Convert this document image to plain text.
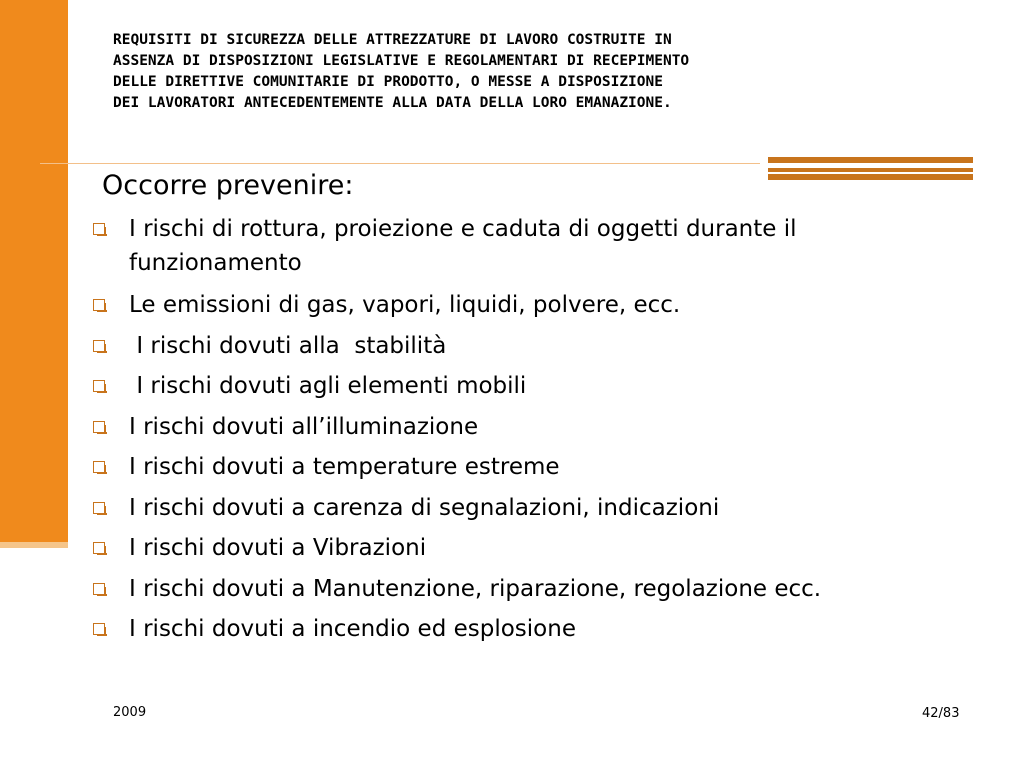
REQUISITI DI SICUREZZA DELLE ATTREZZATURE DI LAVORO COSTRUITE IN
ASSENZA DI DISPOSIZIONI LEGISLATIVE E REGOLAMENTARI DI RECEPIMENTO
DELLE DIRETTIVE COMUNITARIE DI PRODOTTO, O MESSE A DISPOSIZIONE
DEI LAVORATORI ANTECEDENTEMENTE ALLA DATA DELLA LORO EMANAZIONE.
Occorre prevenire:
I rischi di rottura, proiezione e caduta di oggetti durante il funzionamento
Le emissioni di gas, vapori, liquidi, polvere, ecc.
I rischi dovuti alla  stabilità
I rischi dovuti agli elementi mobili
I rischi dovuti all’illuminazione
I rischi dovuti a temperature estreme
I rischi dovuti a carenza di segnalazioni, indicazioni
I rischi dovuti a Vibrazioni
I rischi dovuti a Manutenzione, riparazione, regolazione ecc.
I rischi dovuti a incendio ed esplosione
2009	42/83
